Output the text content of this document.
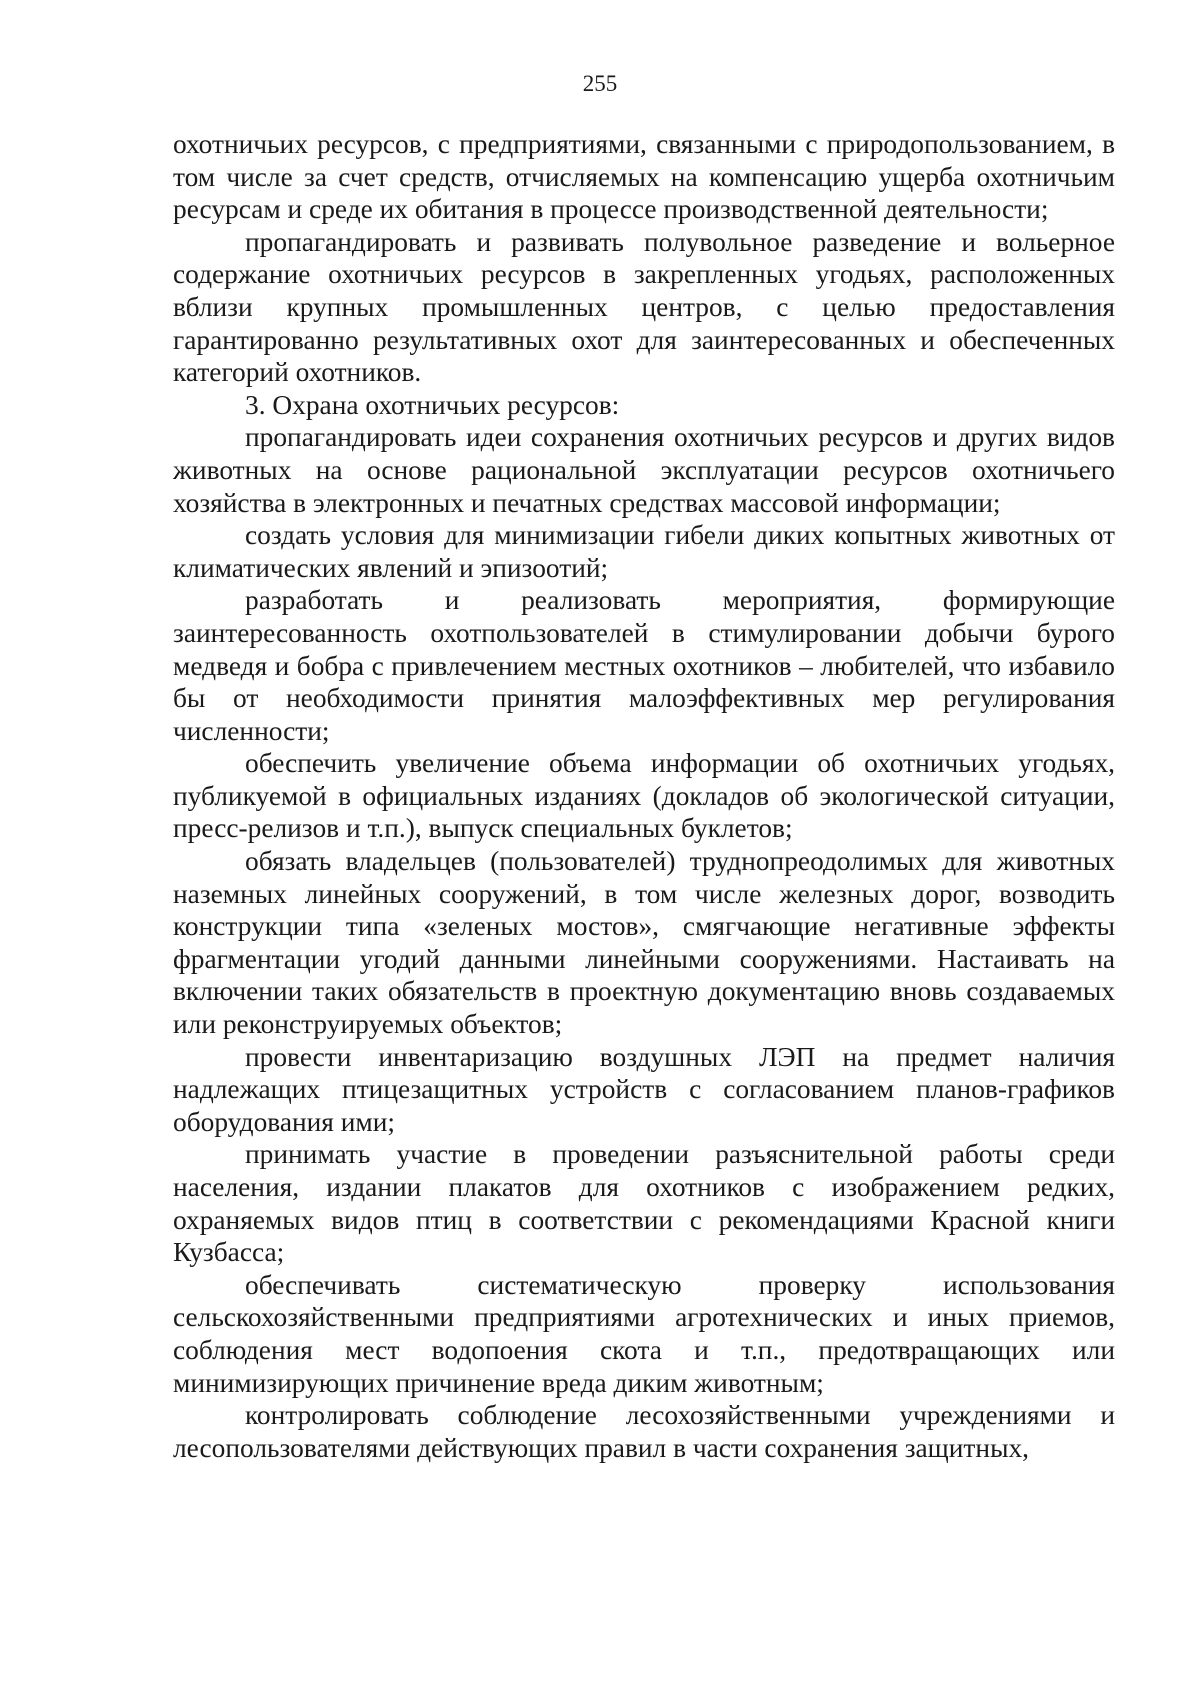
255

охотничьих ресурсов, с предприятиями, связанными с природопользованием, в том числе за счет средств, отчисляемых на компенсацию ущерба охотничьим ресурсам и среде их обитания в процессе производственной деятельности;

пропагандировать и развивать полувольное разведение и вольерное содержание охотничьих ресурсов в закрепленных угодьях, расположенных вблизи крупных промышленных центров, с целью предоставления гарантированно результативных охот для заинтересованных и обеспеченных категорий охотников.

3. Охрана охотничьих ресурсов:

пропагандировать идеи сохранения охотничьих ресурсов и других видов животных на основе рациональной эксплуатации ресурсов охотничьего хозяйства в электронных и печатных средствах массовой информации;

создать условия для минимизации гибели диких копытных животных от климатических явлений и эпизоотий;

разработать и реализовать мероприятия, формирующие заинтересованность охотпользователей в стимулировании добычи бурого медведя и бобра с привлечением местных охотников – любителей, что избавило бы от необходимости принятия малоэффективных мер регулирования численности;

обеспечить увеличение объема информации об охотничьих угодьях, публикуемой в официальных изданиях (докладов об экологической ситуации, пресс-релизов и т.п.), выпуск специальных буклетов;

обязать владельцев (пользователей) труднопреодолимых для животных наземных линейных сооружений, в том числе железных дорог, возводить конструкции типа «зеленых мостов», смягчающие негативные эффекты фрагментации угодий данными линейными сооружениями. Настаивать на включении таких обязательств в проектную документацию вновь создаваемых или реконструируемых объектов;

провести инвентаризацию воздушных ЛЭП на предмет наличия надлежащих птицезащитных устройств с согласованием планов-графиков оборудования ими;

принимать участие в проведении разъяснительной работы среди населения, издании плакатов для охотников с изображением редких, охраняемых видов птиц в соответствии с рекомендациями Красной книги Кузбасса;

обеспечивать систематическую проверку использования сельскохозяйственными предприятиями агротехнических и иных приемов, соблюдения мест водопоения скота и т.п., предотвращающих или минимизирующих причинение вреда диким животным;

контролировать соблюдение лесохозяйственными учреждениями и лесопользователями действующих правил в части сохранения защитных,
